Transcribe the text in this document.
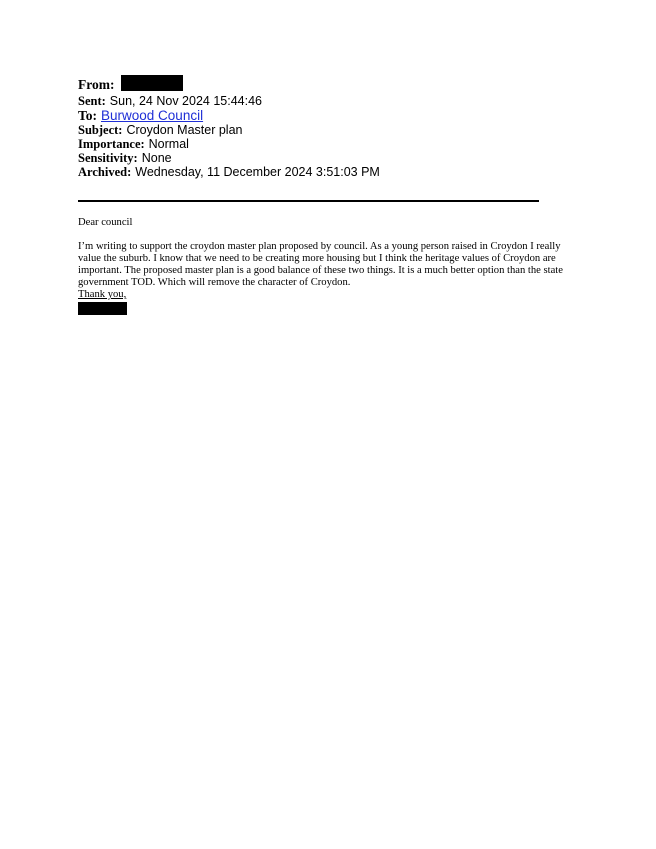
From:
Sent: Sun, 24 Nov 2024 15:44:46
To: Burwood Council
Subject: Croydon Master plan
Importance: Normal
Sensitivity: None
Archived: Wednesday, 11 December 2024 3:51:03 PM

Dear council

I’m writing to support the croydon master plan proposed by council. As a young person raised in Croydon I really value the suburb. I know that we need to be creating more housing but I think the heritage values of Croydon are important. The proposed master plan is a good balance of these two things. It is a much better option than the state government TOD. Which will remove the character of Croydon.

Thank you,
